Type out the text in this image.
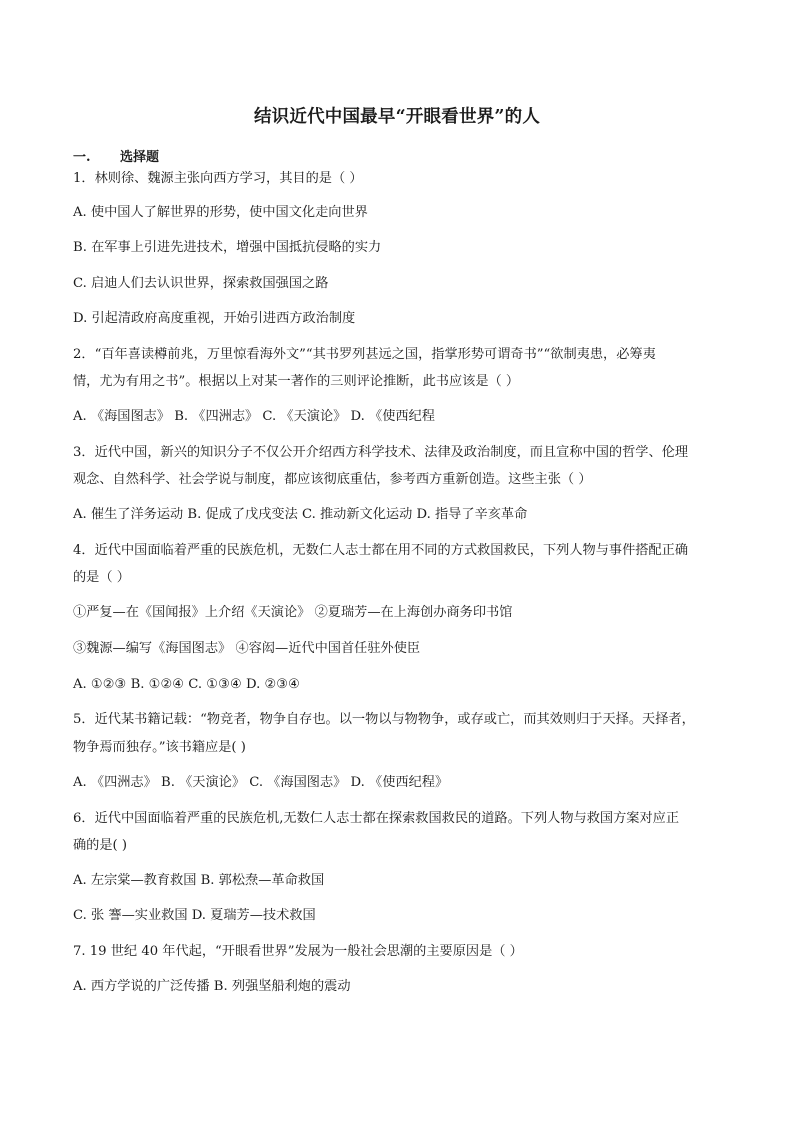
结识近代中国最早“开眼看世界”的人
一. 选择题
1．林则徐、魏源主张向西方学习，其目的是（ ）
A. 使中国人了解世界的形势，使中国文化走向世界
B. 在军事上引进先进技术，增强中国抵抗侵略的实力
C. 启迪人们去认识世界，探索救国强国之路
D. 引起清政府高度重视，开始引进西方政治制度
2．“百年喜读樽前兆，万里惊看海外文”“其书罗列甚远之国，指掌形势可谓奇书”“欲制夷患，必筹夷
情，尤为有用之书”。根据以上对某一著作的三则评论推断，此书应该是（ ）
A. 《海国图志》 B. 《四洲志》 C. 《天演论》 D. 《使西纪程
3．近代中国，新兴的知识分子不仅公开介绍西方科学技术、法律及政治制度，而且宣称中国的哲学、伦理
观念、自然科学、社会学说与制度，都应该彻底重估，参考西方重新创造。这些主张（ ）
A. 催生了洋务运动 B. 促成了戊戌变法 C. 推动新文化运动 D. 指导了辛亥革命
4．近代中国面临着严重的民族危机，无数仁人志士都在用不同的方式救国救民，下列人物与事件搭配正确
的是（ ）
①严复—在《国闻报》上介绍《天演论》 ②夏瑞芳—在上海创办商务印书馆
③魏源—编写《海国图志》 ④容闳—近代中国首任驻外使臣
A. ①②③ B. ①②④ C. ①③④ D. ②③④
5．近代某书籍记载：“物竞者，物争自存也。以一物以与物物争，或存或亡，而其效则归于天择。天择者，
物争焉而独存。”该书籍应是( )
A. 《四洲志》 B. 《天演论》 C. 《海国图志》 D. 《使西纪程》
6．近代中国面临着严重的民族危机,无数仁人志士都在探索救国救民的道路。下列人物与救国方案对应正
确的是( )
A. 左宗棠—教育救国 B. 郭松焘—革命救国
C. 张 謇—实业救国 D. 夏瑞芳—技术救国
7. 19 世纪 40 年代起，“开眼看世界”发展为一般社会思潮的主要原因是（ ）
A. 西方学说的广泛传播 B. 列强坚船利炮的震动
